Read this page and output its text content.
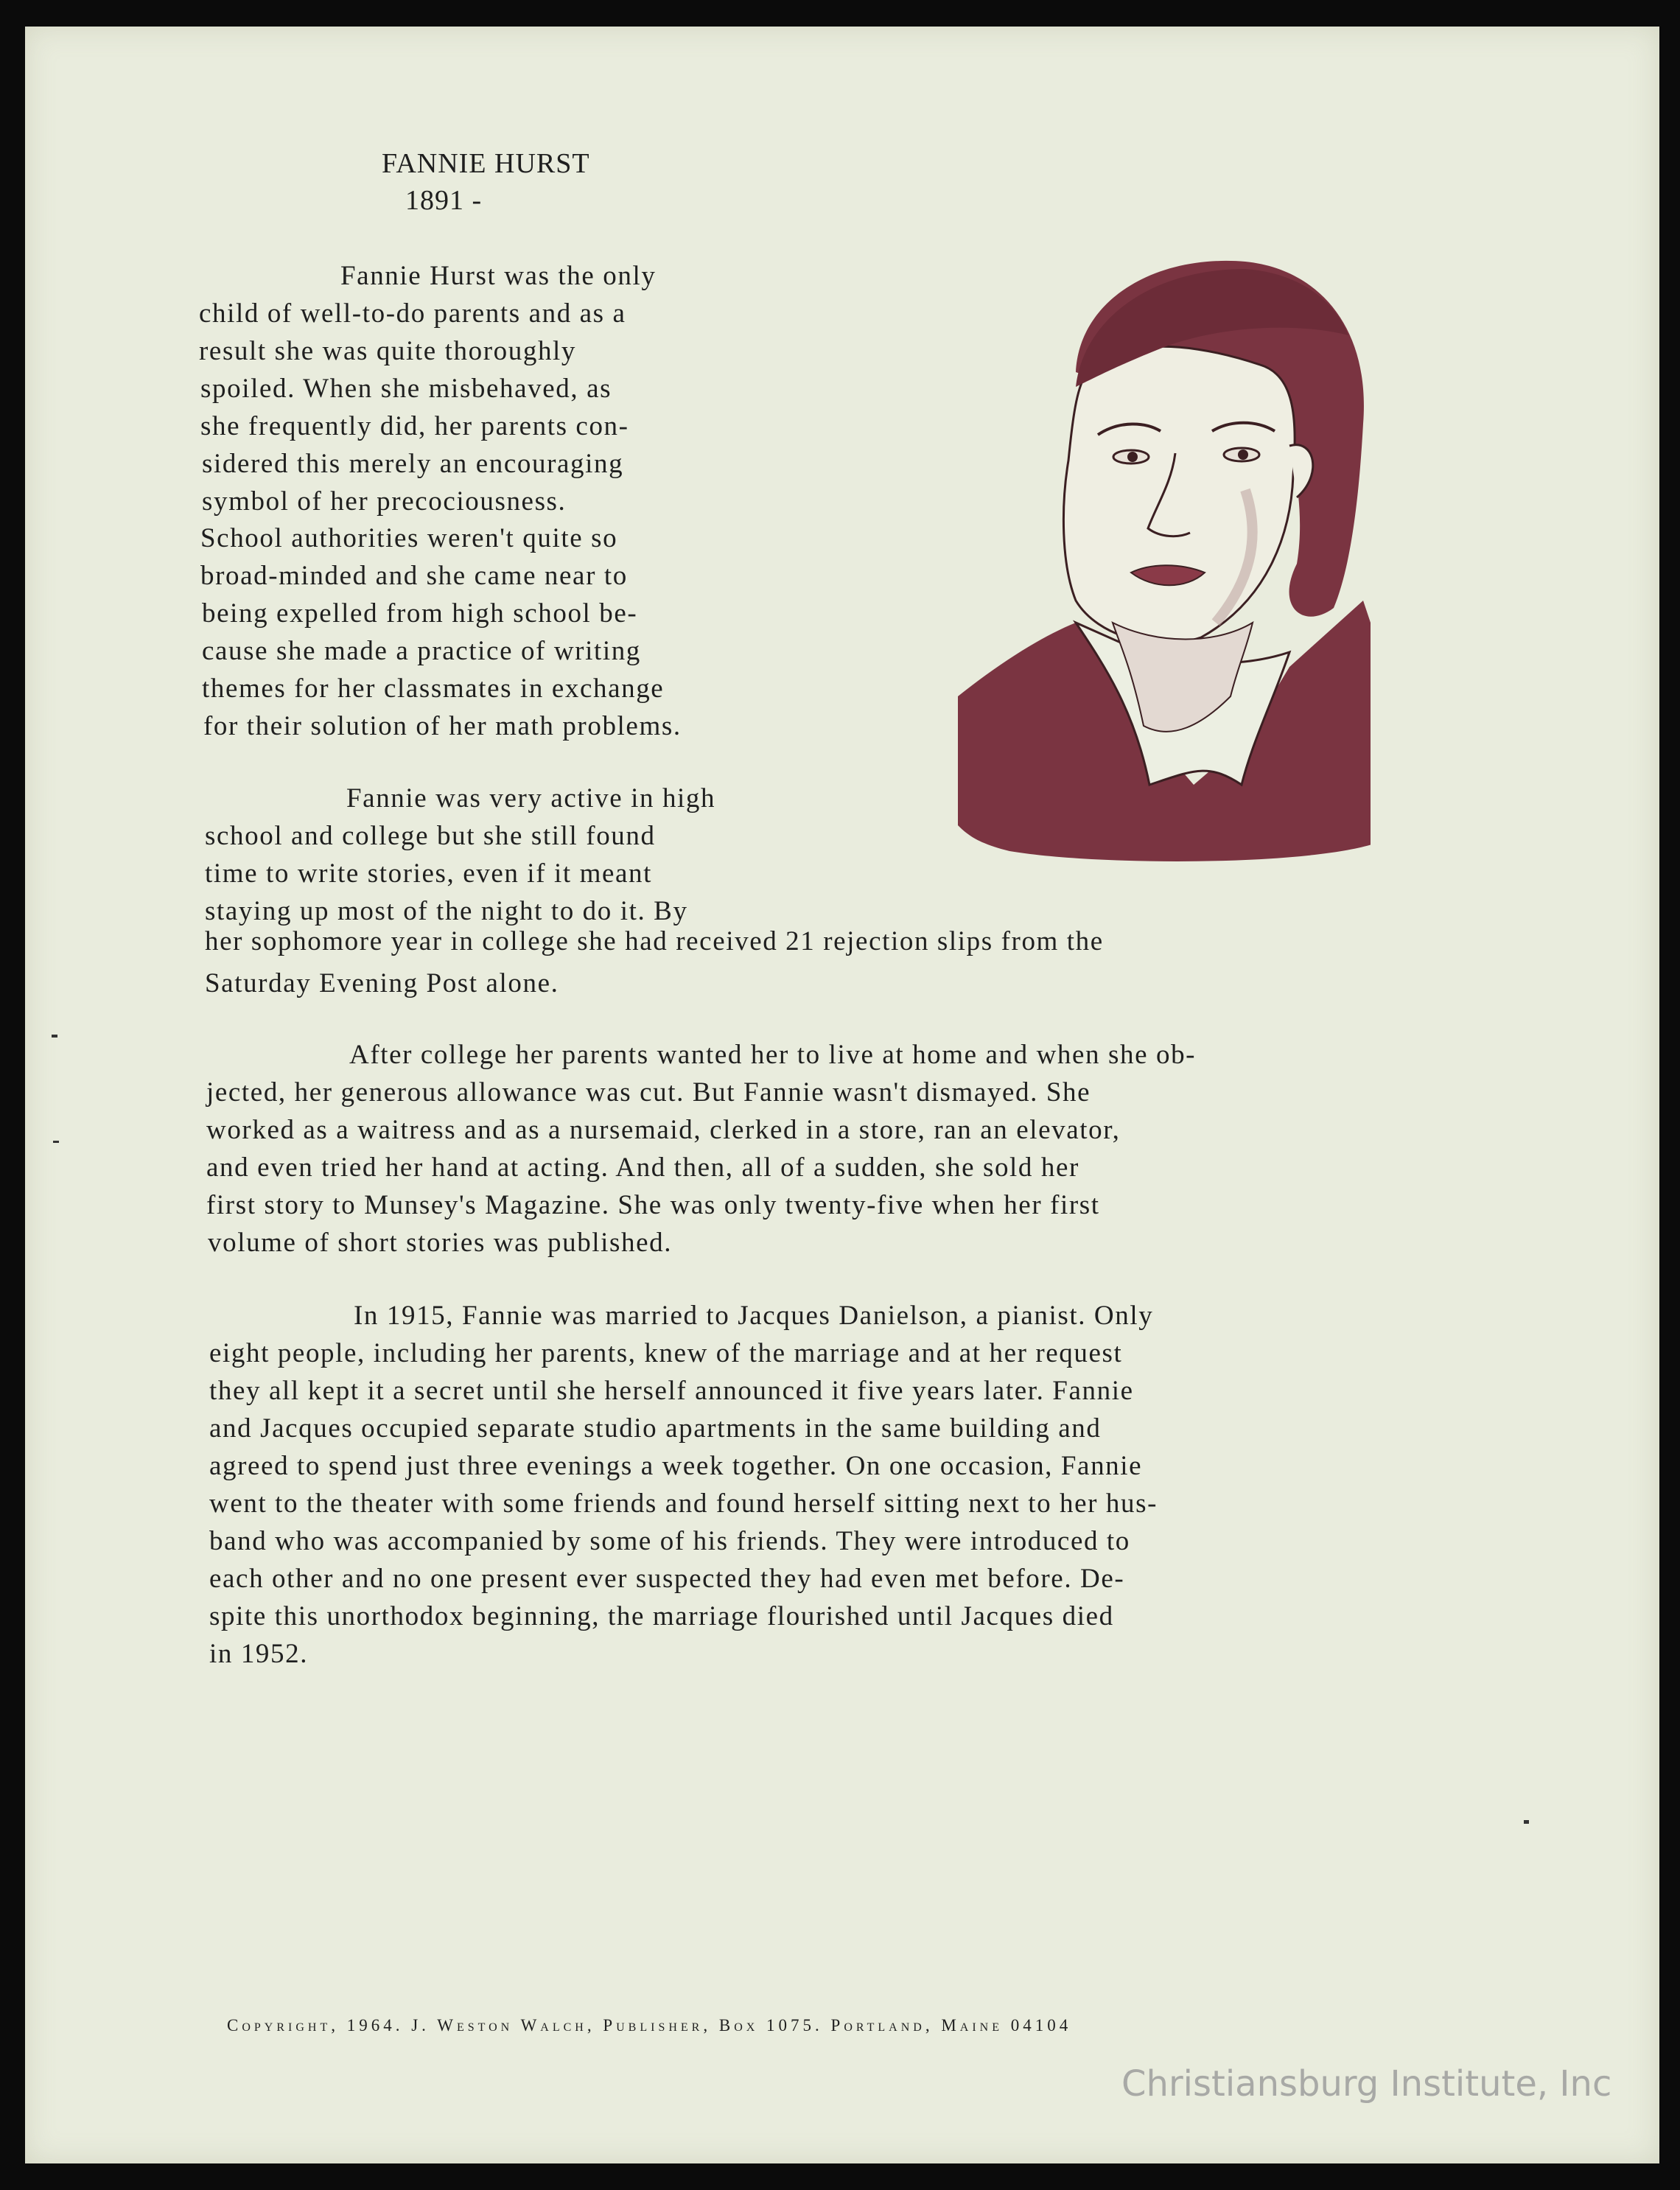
FANNIE HURST
1891 -
Fannie Hurst was the only
child of well-to-do parents and as a
result she was quite thoroughly
spoiled. When she misbehaved, as
she frequently did, her parents con-
sidered this merely an encouraging
symbol of her precociousness.
School authorities weren't quite so
broad-minded and she came near to
being expelled from high school be-
cause she made a practice of writing
themes for her classmates in exchange
for their solution of her math problems.
Fannie was very active in high
school and college but she still found
time to write stories, even if it meant
staying up most of the night to do it. By
her sophomore year in college she had received 21 rejection slips from the
Saturday Evening Post alone.
After college her parents wanted her to live at home and when she ob-
jected, her generous allowance was cut. But Fannie wasn't dismayed. She
worked as a waitress and as a nursemaid, clerked in a store, ran an elevator,
and even tried her hand at acting. And then, all of a sudden, she sold her
first story to Munsey's Magazine. She was only twenty-five when her first
volume of short stories was published.
In 1915, Fannie was married to Jacques Danielson, a pianist. Only
eight people, including her parents, knew of the marriage and at her request
they all kept it a secret until she herself announced it five years later. Fannie
and Jacques occupied separate studio apartments in the same building and
agreed to spend just three evenings a week together. On one occasion, Fannie
went to the theater with some friends and found herself sitting next to her hus-
band who was accompanied by some of his friends. They were introduced to
each other and no one present ever suspected they had even met before. De-
spite this unorthodox beginning, the marriage flourished until Jacques died
in 1952.
Copyright, 1964. J. Weston Walch, Publisher, Box 1075. Portland, Maine 04104
Christiansburg Institute, Inc
